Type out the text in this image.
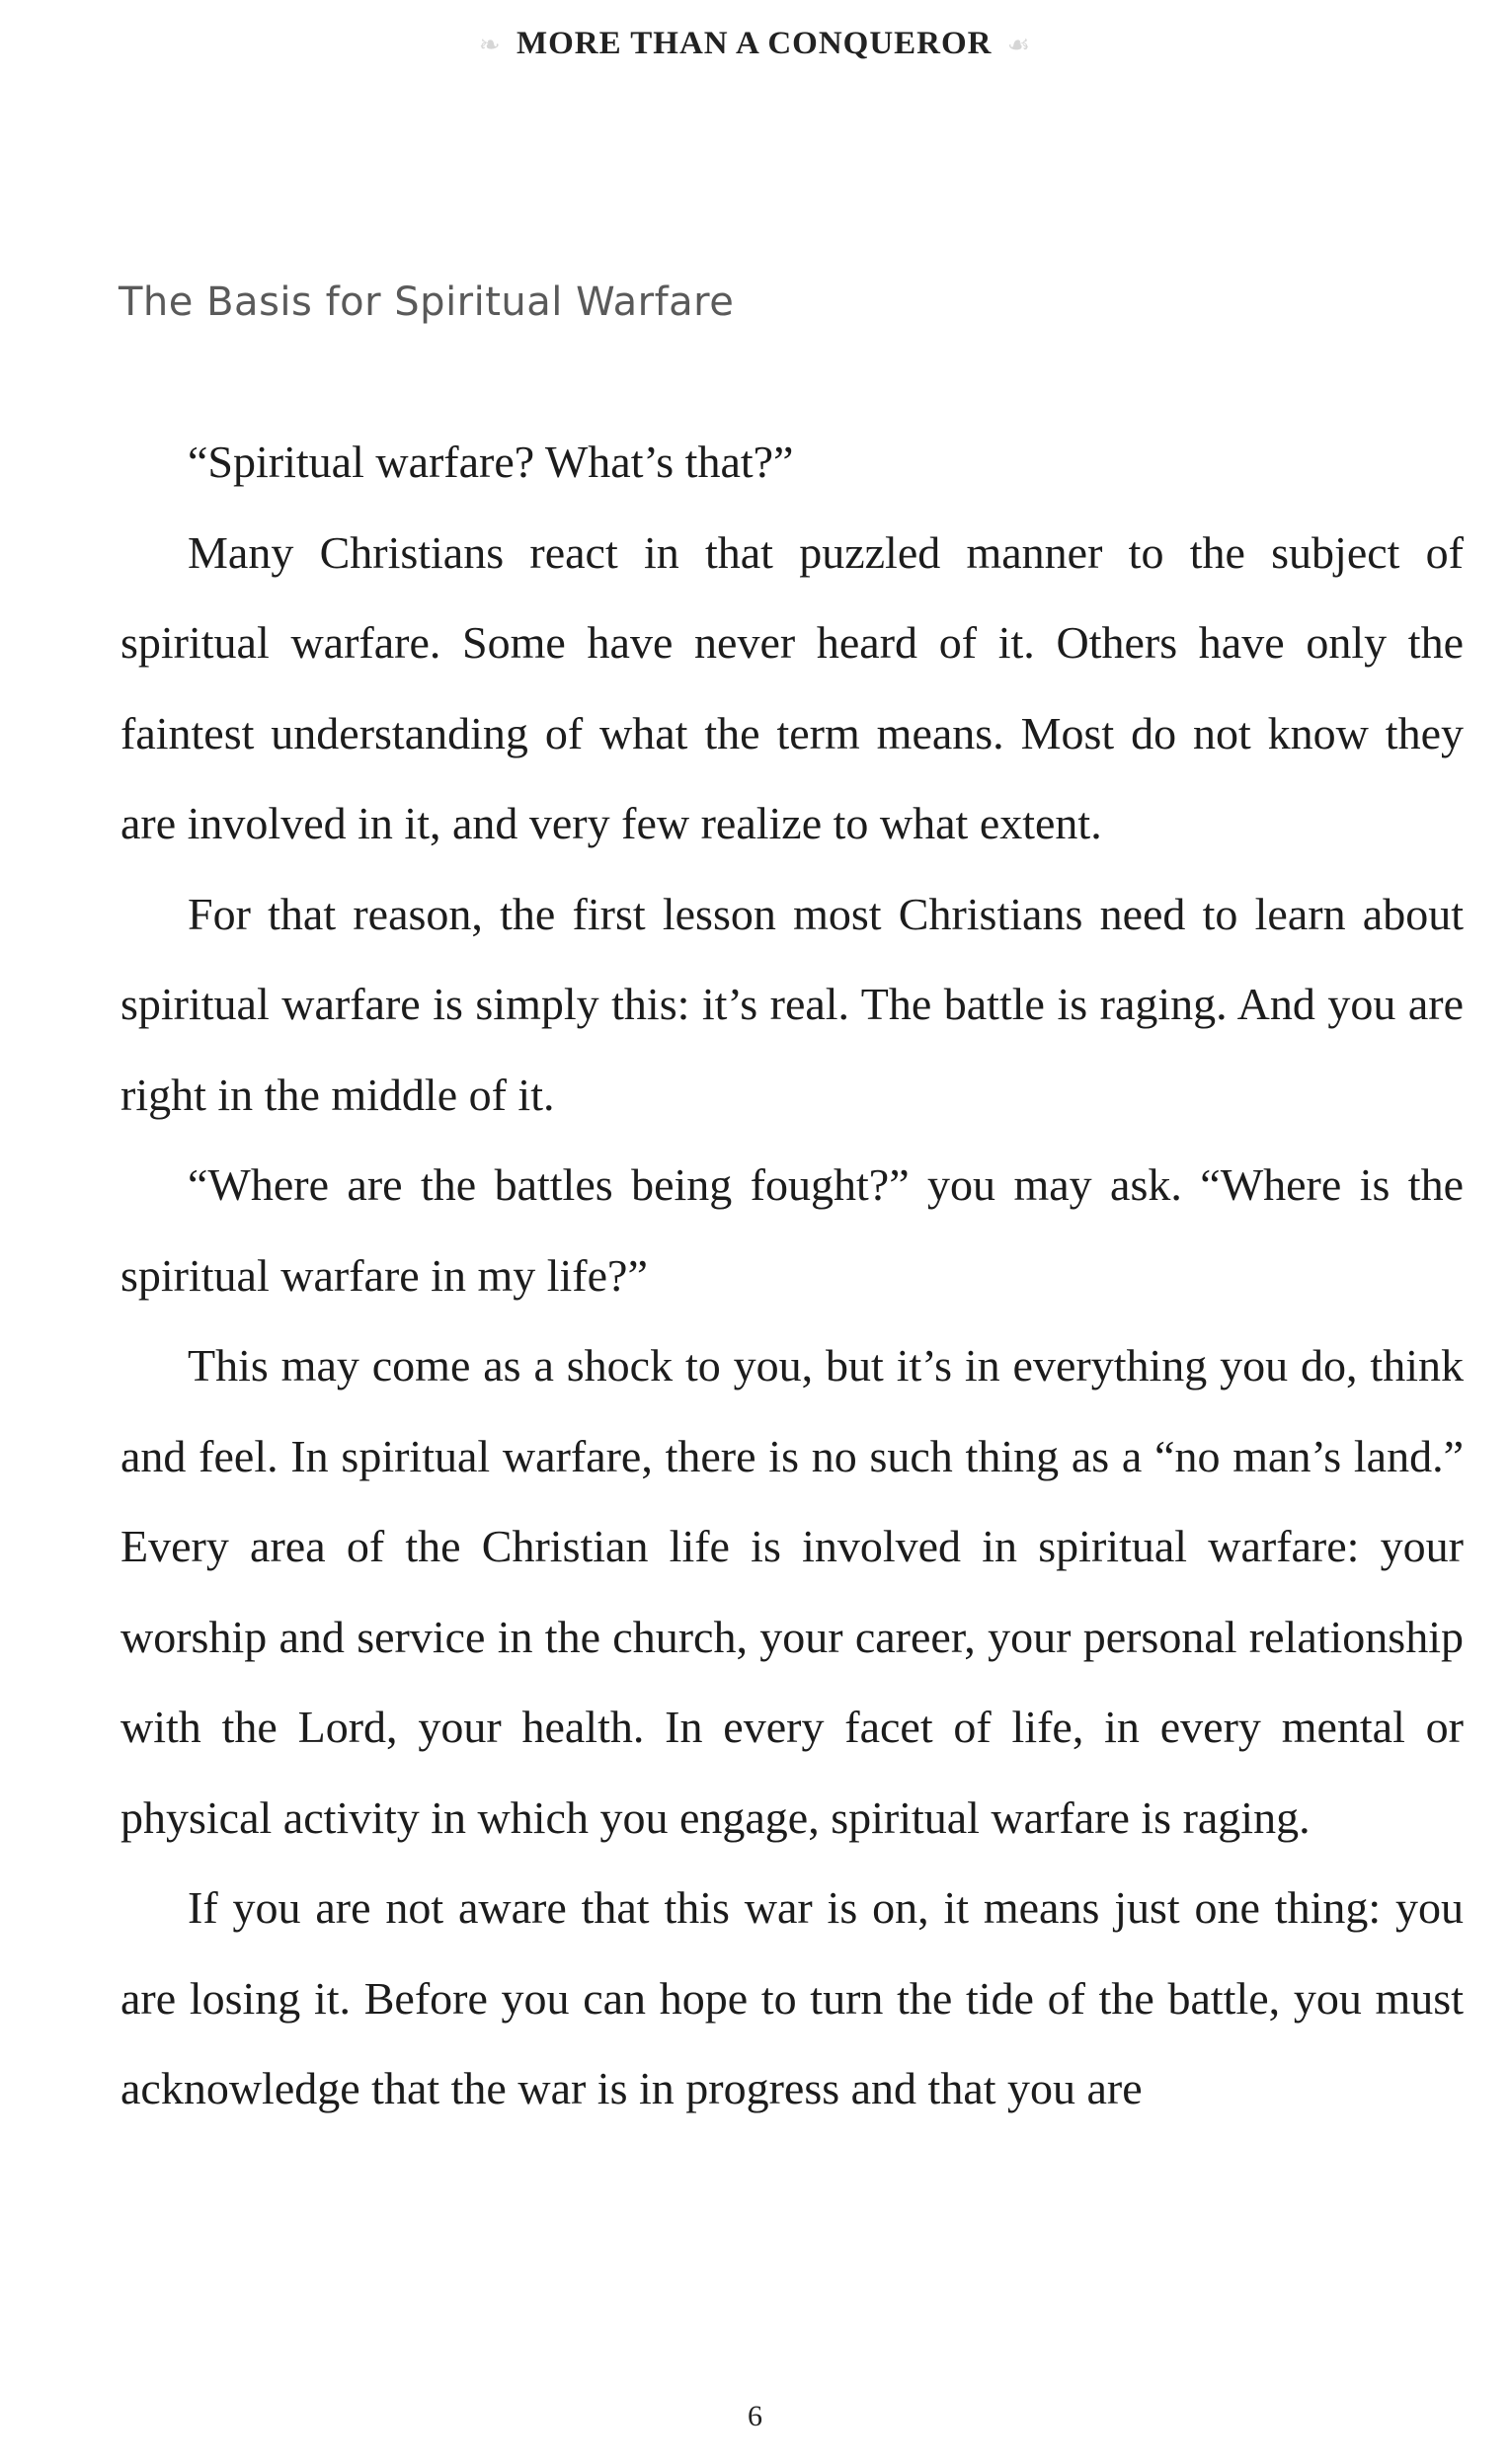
❧ MORE THAN A CONQUEROR ☙
The Basis for Spiritual Warfare

“Spiritual warfare? What’s that?”

Many Christians react in that puzzled manner to the subject of spiritual warfare. Some have never heard of it. Others have only the faintest understanding of what the term means. Most do not know they are involved in it, and very few realize to what extent.

For that reason, the first lesson most Christians need to learn about spiritual warfare is simply this: it’s real. The battle is raging. And you are right in the middle of it.

“Where are the battles being fought?” you may ask. “Where is the spiritual warfare in my life?”

This may come as a shock to you, but it’s in everything you do, think and feel. In spiritual warfare, there is no such thing as a “no man’s land.” Every area of the Christian life is involved in spiritual warfare: your worship and service in the church, your career, your personal relationship with the Lord, your health. In every facet of life, in every mental or physical activity in which you engage, spiritual warfare is raging.

If you are not aware that this war is on, it means just one thing: you are losing it. Before you can hope to turn the tide of the battle, you must acknowledge that the war is in progress and that you are

6
